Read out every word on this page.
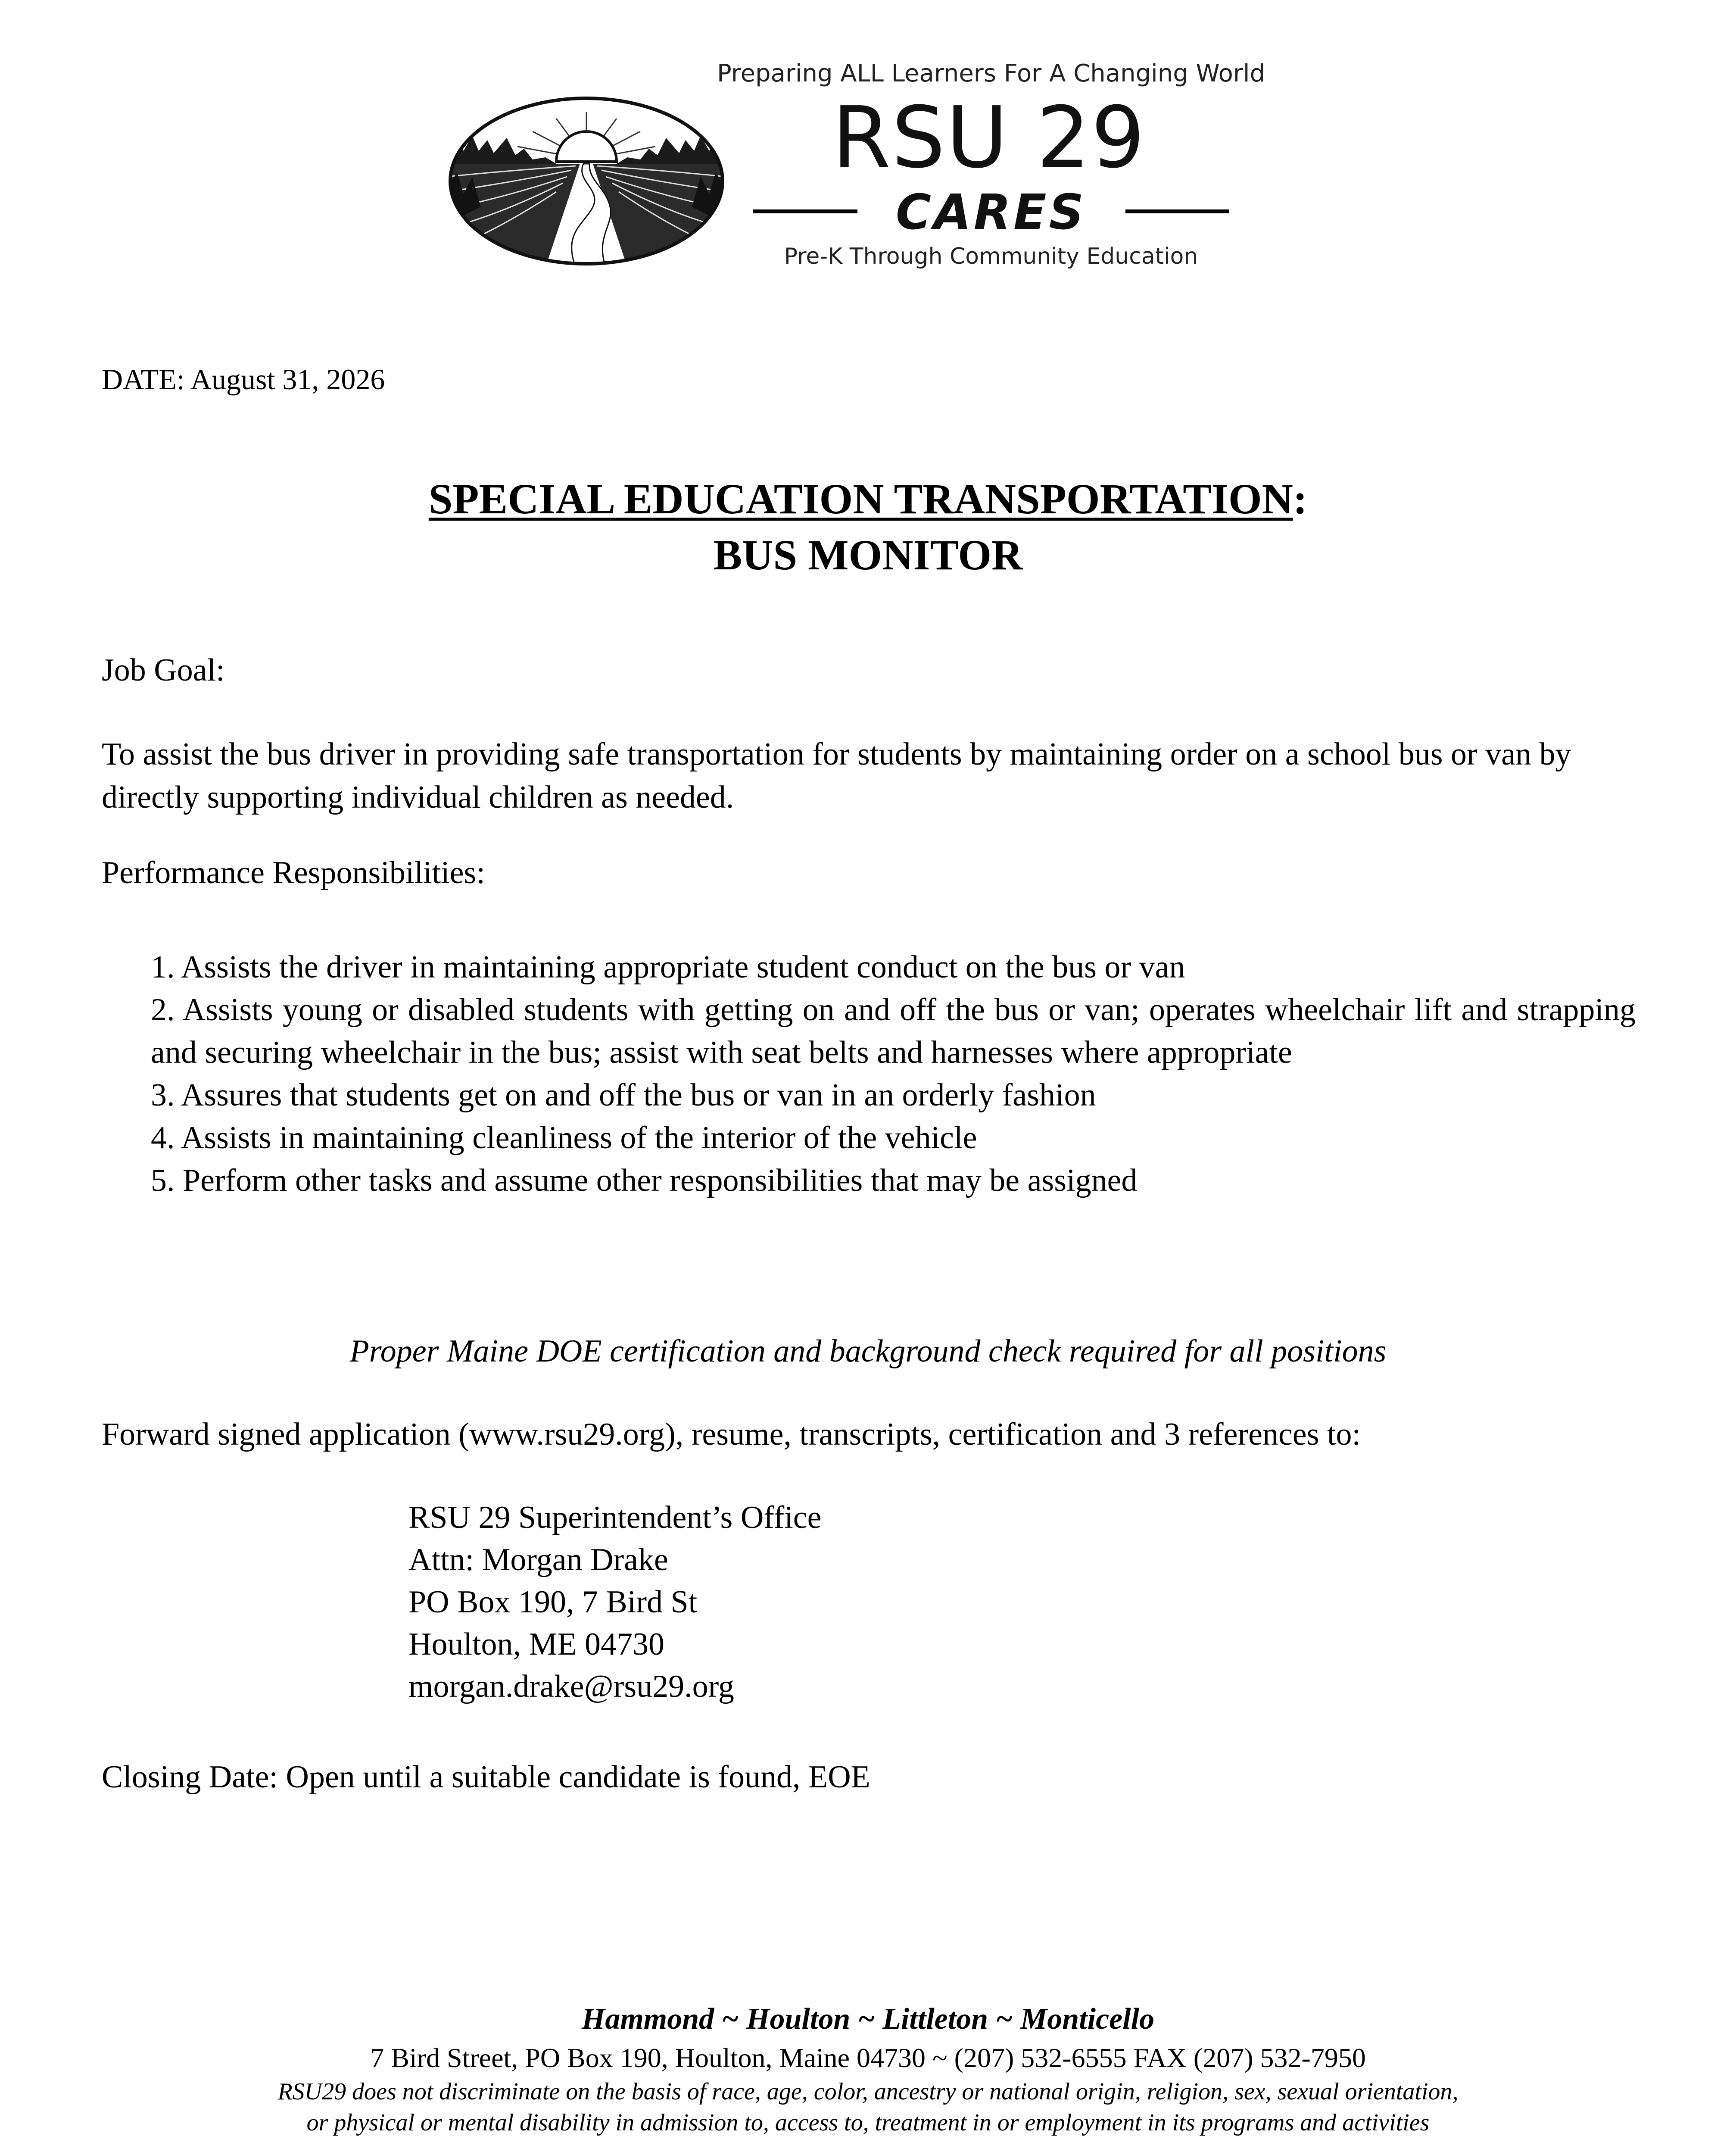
Preparing ALL Learners For A Changing World
RSU 29
CARES
Pre-K Through Community Education
DATE: August 31, 2026
SPECIAL EDUCATION TRANSPORTATION:
BUS MONITOR
Job Goal:
To assist the bus driver in providing safe transportation for students by maintaining order on a school bus or van by directly supporting individual children as needed.
Performance Responsibilities:
1. Assists the driver in maintaining appropriate student conduct on the bus or van
2. Assists young or disabled students with getting on and off the bus or van; operates wheelchair lift and strapping and securing wheelchair in the bus; assist with seat belts and harnesses where appropriate
3. Assures that students get on and off the bus or van in an orderly fashion
4. Assists in maintaining cleanliness of the interior of the vehicle
5. Perform other tasks and assume other responsibilities that may be assigned
Proper Maine DOE certification and background check required for all positions
Forward signed application (www.rsu29.org), resume, transcripts, certification and 3 references to:
RSU 29 Superintendent’s Office
Attn: Morgan Drake
PO Box 190, 7 Bird St
Houlton, ME 04730
morgan.drake@rsu29.org
Closing Date: Open until a suitable candidate is found, EOE
Hammond ~ Houlton ~ Littleton ~ Monticello
7 Bird Street, PO Box 190, Houlton, Maine 04730 ~ (207) 532-6555 FAX (207) 532-7950
RSU29 does not discriminate on the basis of race, age, color, ancestry or national origin, religion, sex, sexual orientation,
or physical or mental disability in admission to, access to, treatment in or employment in its programs and activities
